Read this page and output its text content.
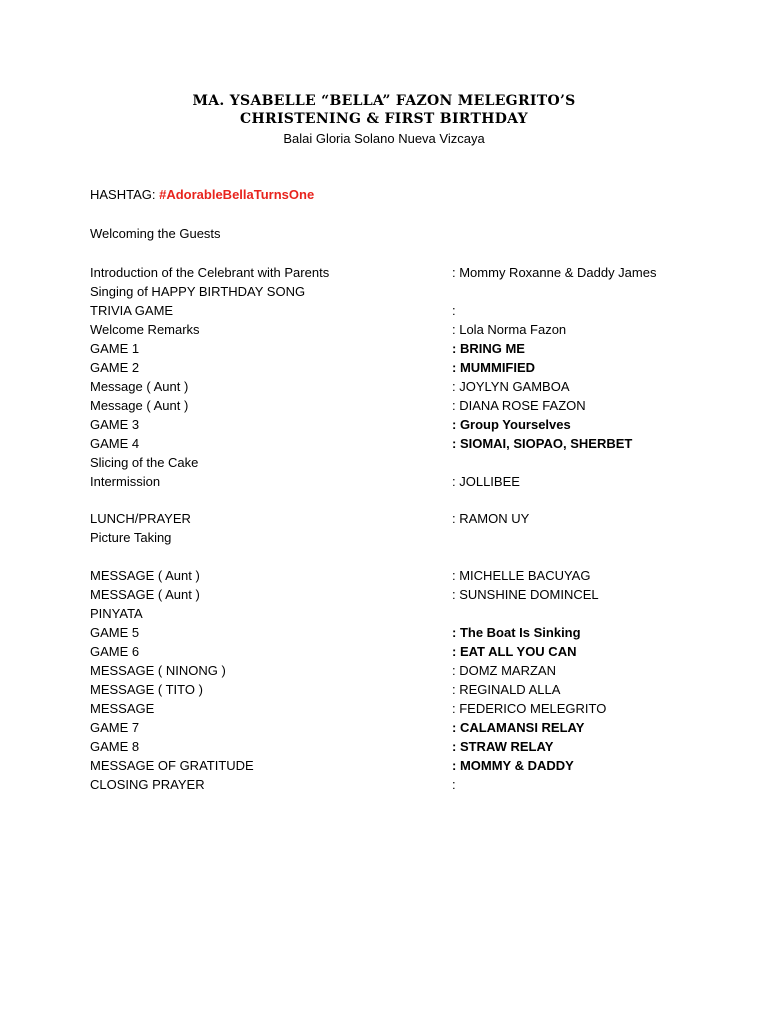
MA. YSABELLE “BELLA” FAZON MELEGRITO’S
CHRISTENING & FIRST BIRTHDAY
Balai Gloria Solano Nueva Vizcaya
HASHTAG: #AdorableBellaTurnsOne
Welcoming the Guests
Introduction of the Celebrant with Parents	: Mommy Roxanne & Daddy James
Singing of HAPPY BIRTHDAY SONG
TRIVIA GAME	:
Welcome Remarks	: Lola Norma Fazon
GAME 1	: BRING ME
GAME 2	: MUMMIFIED
Message ( Aunt )	: JOYLYN GAMBOA
Message ( Aunt )	: DIANA ROSE FAZON
GAME 3	: Group Yourselves
GAME 4	: SIOMAI, SIOPAO, SHERBET
Slicing of the Cake
Intermission	: JOLLIBEE
LUNCH/PRAYER	: RAMON UY
Picture Taking
MESSAGE ( Aunt )	: MICHELLE BACUYAG
MESSAGE ( Aunt )	: SUNSHINE DOMINCEL
PINYATA
GAME 5	: The Boat Is Sinking
GAME 6	: EAT ALL YOU CAN
MESSAGE ( NINONG )	: DOMZ MARZAN
MESSAGE ( TITO )	: REGINALD ALLA
MESSAGE	: FEDERICO MELEGRITO
GAME 7	: CALAMANSI RELAY
GAME 8	: STRAW RELAY
MESSAGE OF GRATITUDE	: MOMMY & DADDY
CLOSING PRAYER	:
